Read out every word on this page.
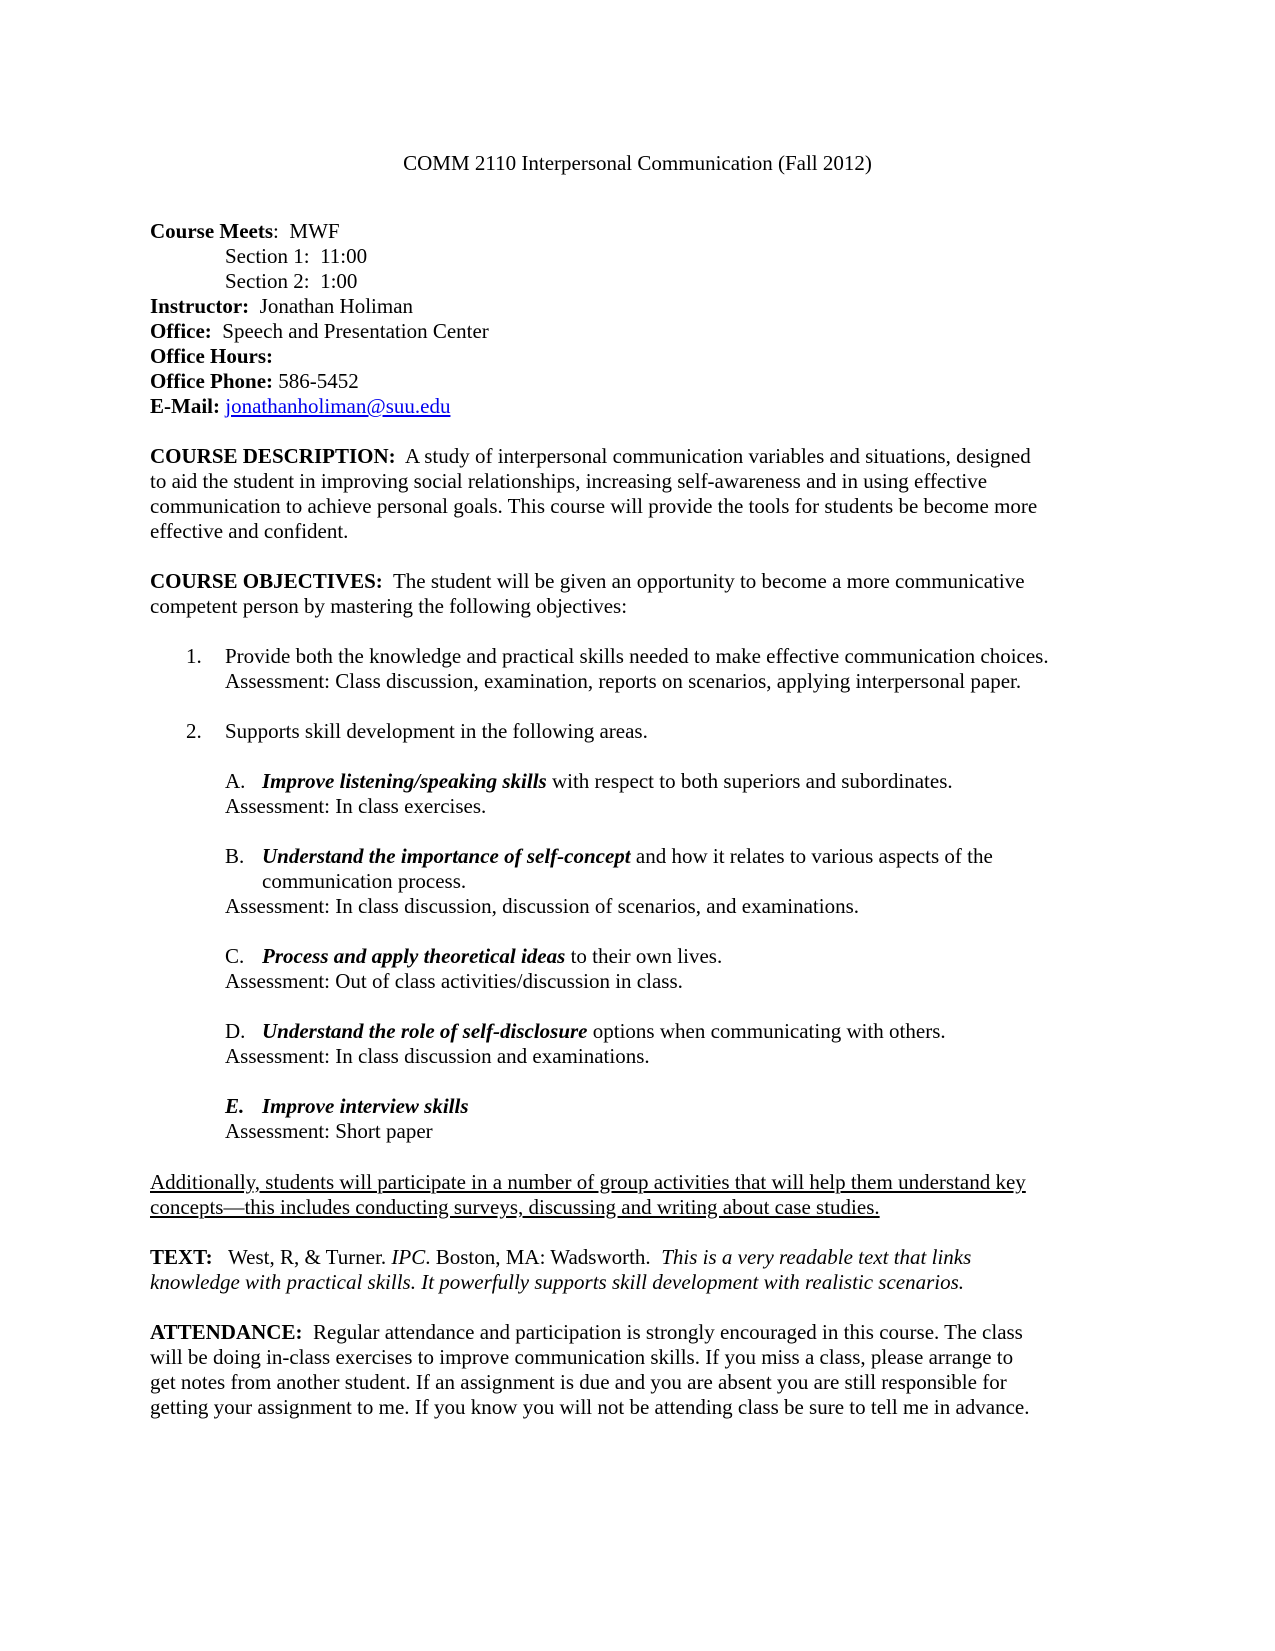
COMM 2110 Interpersonal Communication (Fall 2012)
Course Meets: MWF
Section 1: 11:00
Section 2: 1:00
Instructor: Jonathan Holiman
Office: Speech and Presentation Center
Office Hours:
Office Phone: 586-5452
E-Mail: jonathanholiman@suu.edu
COURSE DESCRIPTION: A study of interpersonal communication variables and situations, designed
to aid the student in improving social relationships, increasing self-awareness and in using effective
communication to achieve personal goals. This course will provide the tools for students be become more
effective and confident.
COURSE OBJECTIVES: The student will be given an opportunity to become a more communicative
competent person by mastering the following objectives:
1. Provide both the knowledge and practical skills needed to make effective communication choices.
Assessment: Class discussion, examination, reports on scenarios, applying interpersonal paper.
2. Supports skill development in the following areas.
A. Improve listening/speaking skills with respect to both superiors and subordinates.
Assessment: In class exercises.
B. Understand the importance of self-concept and how it relates to various aspects of the
communication process.
Assessment: In class discussion, discussion of scenarios, and examinations.
C. Process and apply theoretical ideas to their own lives.
Assessment: Out of class activities/discussion in class.
D. Understand the role of self-disclosure options when communicating with others.
Assessment: In class discussion and examinations.
E. Improve interview skills
Assessment: Short paper
Additionally, students will participate in a number of group activities that will help them understand key
concepts—this includes conducting surveys, discussing and writing about case studies.
TEXT: West, R, & Turner. IPC. Boston, MA: Wadsworth. This is a very readable text that links
knowledge with practical skills. It powerfully supports skill development with realistic scenarios.
ATTENDANCE: Regular attendance and participation is strongly encouraged in this course. The class
will be doing in-class exercises to improve communication skills. If you miss a class, please arrange to
get notes from another student. If an assignment is due and you are absent you are still responsible for
getting your assignment to me. If you know you will not be attending class be sure to tell me in advance.
